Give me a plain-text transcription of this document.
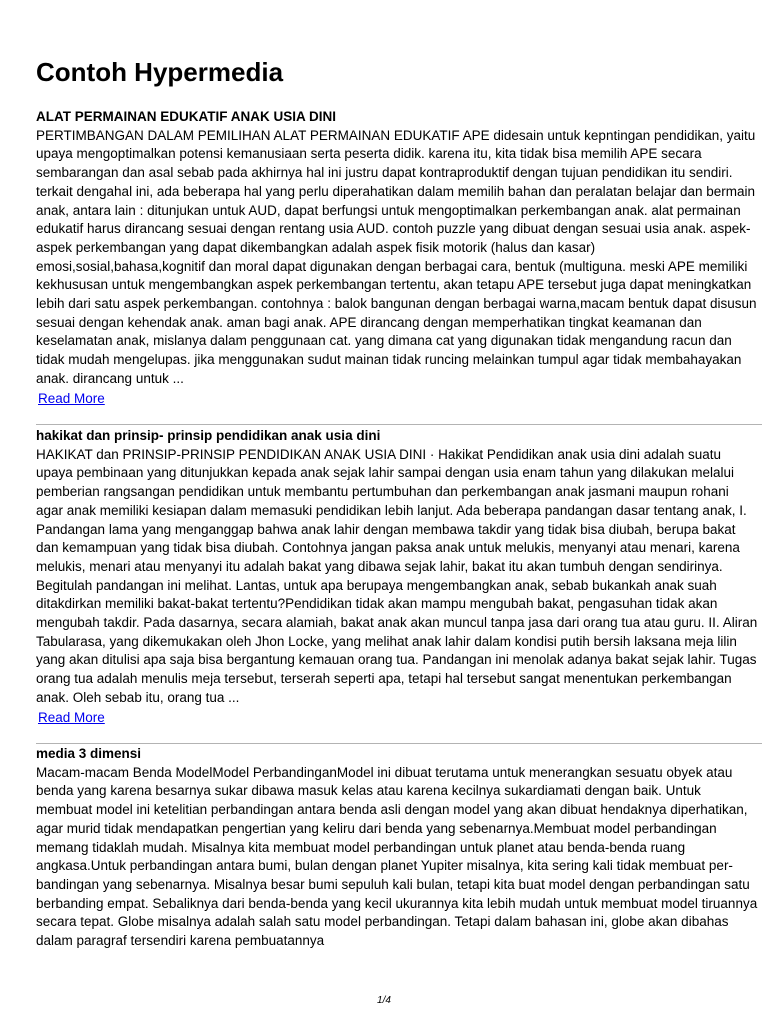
Contoh Hypermedia
ALAT PERMAINAN EDUKATIF ANAK USIA DINI
PERTIMBANGAN DALAM PEMILIHAN ALAT PERMAINAN EDUKATIF APE didesain untuk kepntingan pendidikan, yaitu upaya mengoptimalkan potensi kemanusiaan serta peserta didik. karena itu, kita tidak bisa memilih APE secara sembarangan dan asal sebab pada akhirnya hal ini justru dapat kontraproduktif dengan tujuan pendidikan itu sendiri. terkait dengahal ini, ada beberapa hal yang perlu diperahatikan dalam memilih bahan dan peralatan belajar dan bermain anak, antara lain : ditunjukan untuk AUD, dapat berfungsi untuk mengoptimalkan perkembangan anak. alat permainan edukatif harus dirancang sesuai dengan rentang usia AUD. contoh puzzle yang dibuat dengan sesuai usia anak. aspek-aspek perkembangan yang dapat dikembangkan adalah aspek fisik motorik (halus dan kasar) emosi,sosial,bahasa,kognitif dan moral dapat digunakan dengan berbagai cara, bentuk (multiguna. meski APE memiliki kekhususan untuk mengembangkan aspek perkembangan tertentu, akan tetapu APE tersebut juga dapat meningkatkan lebih dari satu aspek perkembangan. contohnya : balok bangunan dengan berbagai warna,macam bentuk dapat disusun sesuai dengan kehendak anak. aman bagi anak. APE dirancang dengan memperhatikan tingkat keamanan dan keselamatan anak, mislanya dalam penggunaan cat. yang dimana cat yang digunakan tidak mengandung racun dan tidak mudah mengelupas. jika menggunakan sudut mainan tidak runcing melainkan tumpul agar tidak membahayakan anak. dirancang untuk ...
Read More
hakikat dan prinsip- prinsip pendidikan anak usia dini
HAKIKAT dan PRINSIP-PRINSIP PENDIDIKAN ANAK USIA DINI · Hakikat Pendidikan anak usia dini adalah suatu upaya pembinaan yang ditunjukkan kepada anak sejak lahir sampai dengan usia enam tahun yang dilakukan melalui pemberian rangsangan pendidikan untuk membantu pertumbuhan dan perkembangan anak jasmani maupun rohani agar anak memiliki kesiapan dalam memasuki pendidikan lebih lanjut. Ada beberapa pandangan dasar tentang anak, I. Pandangan lama yang menganggap bahwa anak lahir dengan membawa takdir yang tidak bisa diubah, berupa bakat dan kemampuan yang tidak bisa diubah. Contohnya jangan paksa anak untuk melukis, menyanyi atau menari, karena melukis, menari atau menyanyi itu adalah bakat yang dibawa sejak lahir, bakat itu akan tumbuh dengan sendirinya. Begitulah pandangan ini melihat. Lantas, untuk apa berupaya mengembangkan anak, sebab bukankah anak suah ditakdirkan memiliki bakat-bakat tertentu?Pendidikan tidak akan mampu mengubah bakat, pengasuhan tidak akan mengubah takdir. Pada dasarnya, secara alamiah, bakat anak akan muncul tanpa jasa dari orang tua atau guru. II. Aliran Tabularasa, yang dikemukakan oleh Jhon Locke, yang melihat anak lahir dalam kondisi putih bersih laksana meja lilin yang akan ditulisi apa saja bisa bergantung kemauan orang tua. Pandangan ini menolak adanya bakat sejak lahir. Tugas orang tua adalah menulis meja tersebut, terserah seperti apa, tetapi hal tersebut sangat menentukan perkembangan anak. Oleh sebab itu, orang tua ...
Read More
media 3 dimensi
Macam-macam Benda ModelModel PerbandinganModel ini dibuat terutama untuk menerangkan sesuatu obyek atau benda yang karena besarnya sukar dibawa masuk kelas atau karena kecilnya sukardiamati dengan baik. Untuk membuat model ini ketelitian perbandingan antara benda asli dengan model yang akan dibuat hendaknya diperhatikan, agar murid tidak mendapatkan pengertian yang keliru dari benda yang sebenarnya.Membuat model perbandingan memang tidaklah mudah. Misalnya kita membuat model perbandingan untuk planet atau benda-benda ruang angkasa.Untuk perbandingan antara bumi, bulan dengan planet Yupiter misalnya, kita sering kali tidak membuat per-bandingan yang sebenarnya. Misalnya besar bumi sepuluh kali bulan, tetapi kita buat model dengan perbandingan satu berbanding empat. Sebaliknya dari benda-benda yang kecil ukurannya kita lebih mudah untuk membuat model tiruannya secara tepat. Globe misalnya adalah salah satu model perbandingan. Tetapi dalam bahasan ini, globe akan dibahas dalam paragraf tersendiri karena pembuatannya
1/4
